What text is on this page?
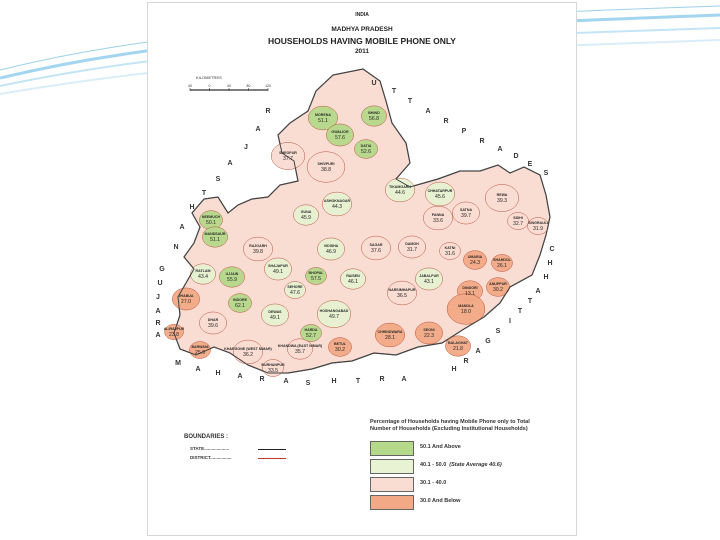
INDIA
MADHYA PRADESH
HOUSEHOLDS HAVING MOBILE PHONE ONLY
2011
KILOMETRES
40	0	40	80	120
MORENA
51.1
BHIND
56.8
GWALIOR
57.6
DATIA
52.6
SHEOPUR
37.7
SHIVPURI
38.8
TIKAMGARH
44.6	CHHATARPUR
45.6
PANNA
33.6
SATNA
39.7
REWA
39.3
SIDHI
32.7 SINGRAULI
31.9
NEEMUCH
50.1
MANDSAUR
51.1
GUNA
45.9
ASHOKNAGAR
44.3
RAJGARH
39.8
VIDISHA
46.9
SAGAR
37.6
DAMOH
31.7	KATNI
31.6	UMARIA
24.3	SHAHDOL
26.1
ANUPPUR
30.2
RATLAM
43.4	UJJAIN
55.9
SHAJAPUR
49.1	BHOPAL
57.5	RAISEN
46.1
SEHORE
47.6
JABALPUR
43.1
DINDORI
13.1
JHABUA
27.0	INDORE
62.1
DEWAS
49.1
NARSIMHAPUR
36.5
MANDLA
18.0
HOSHANGABAD
49.7
DHAR
39.6
ALIRAJPUR
23.8
BARWANI
25.9
KHARGONE (WEST NIMAR)
36.2
KHANDWA (EAST NIMAR)
35.7
HARDA
52.7
BETUL
30.2
CHHINDWARA
28.1
SEONI
22.3
BALAGHAT
21.8
BURHANPUR
33.5
U
T
T
A
R
P
R
A
D
E
S
R
A
J
A
S
T
H
A
N
G
U
J
A
R
A
M
A
H A R	A S	H	T	R A
C
H
H
A
T
T
I
S
G
A
R
H
Percentage of Households having Mobile Phone only to Total Number of Households (Excluding Institutional Households)
50.1 And Above
40.1 - 50.0 (State Average 40.6)
30.1 - 40.0
30.0 And Below
BOUNDARIES :
STATE....................
DISTRICT.................
